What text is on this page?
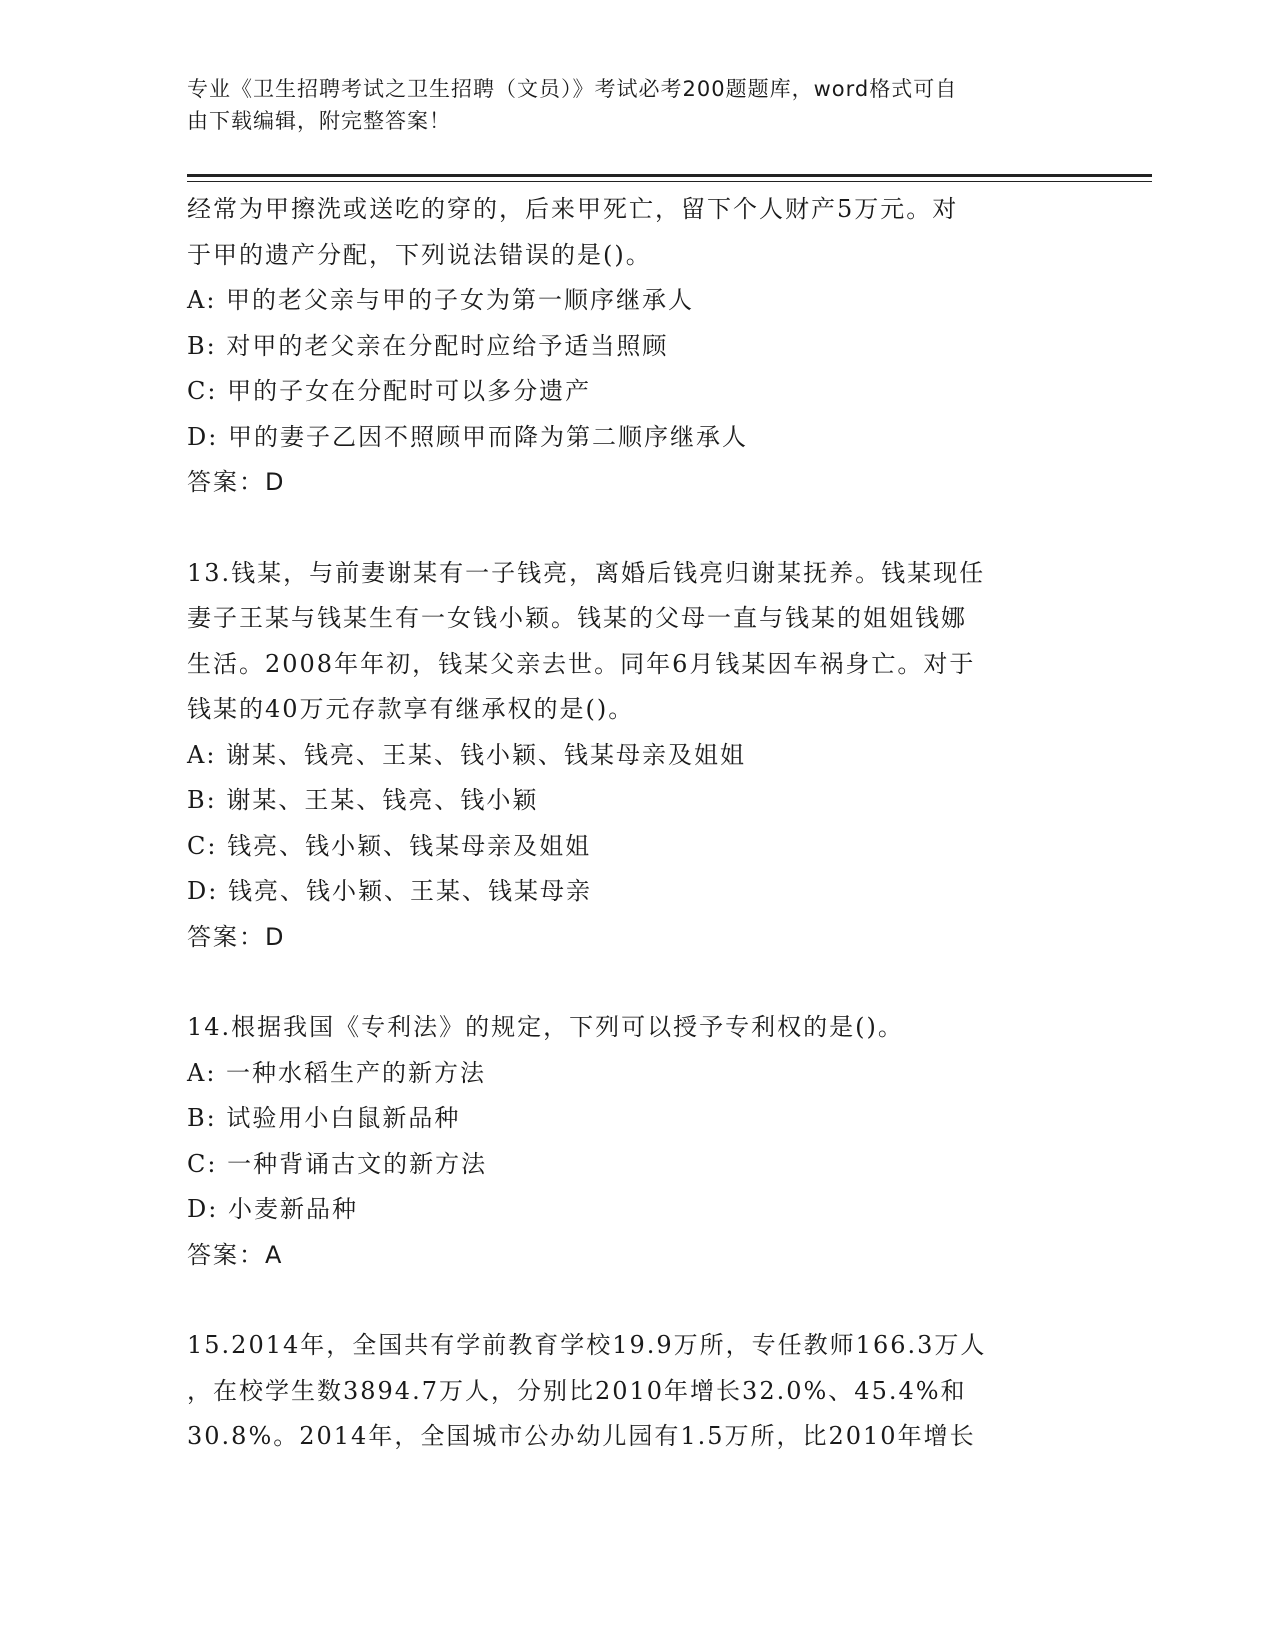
专业《卫生招聘考试之卫生招聘（文员）》考试必考200题题库，word格式可自
由下载编辑，附完整答案！
经常为甲擦洗或送吃的穿的，后来甲死亡，留下个人财产5万元。对
于甲的遗产分配，下列说法错误的是()。
A: 甲的老父亲与甲的子女为第一顺序继承人
B: 对甲的老父亲在分配时应给予适当照顾
C: 甲的子女在分配时可以多分遗产
D: 甲的妻子乙因不照顾甲而降为第二顺序继承人
答案：D
13.钱某，与前妻谢某有一子钱亮，离婚后钱亮归谢某抚养。钱某现任
妻子王某与钱某生有一女钱小颖。钱某的父母一直与钱某的姐姐钱娜
生活。2008年年初，钱某父亲去世。同年6月钱某因车祸身亡。对于
钱某的40万元存款享有继承权的是()。
A: 谢某、钱亮、王某、钱小颖、钱某母亲及姐姐
B: 谢某、王某、钱亮、钱小颖
C: 钱亮、钱小颖、钱某母亲及姐姐
D: 钱亮、钱小颖、王某、钱某母亲
答案：D
14.根据我国《专利法》的规定，下列可以授予专利权的是()。
A: 一种水稻生产的新方法
B: 试验用小白鼠新品种
C: 一种背诵古文的新方法
D: 小麦新品种
答案：A
15.2014年，全国共有学前教育学校19.9万所，专任教师166.3万人
，在校学生数3894.7万人，分别比2010年增长32.0%、45.4%和
30.8%。2014年，全国城市公办幼儿园有1.5万所，比2010年增长
